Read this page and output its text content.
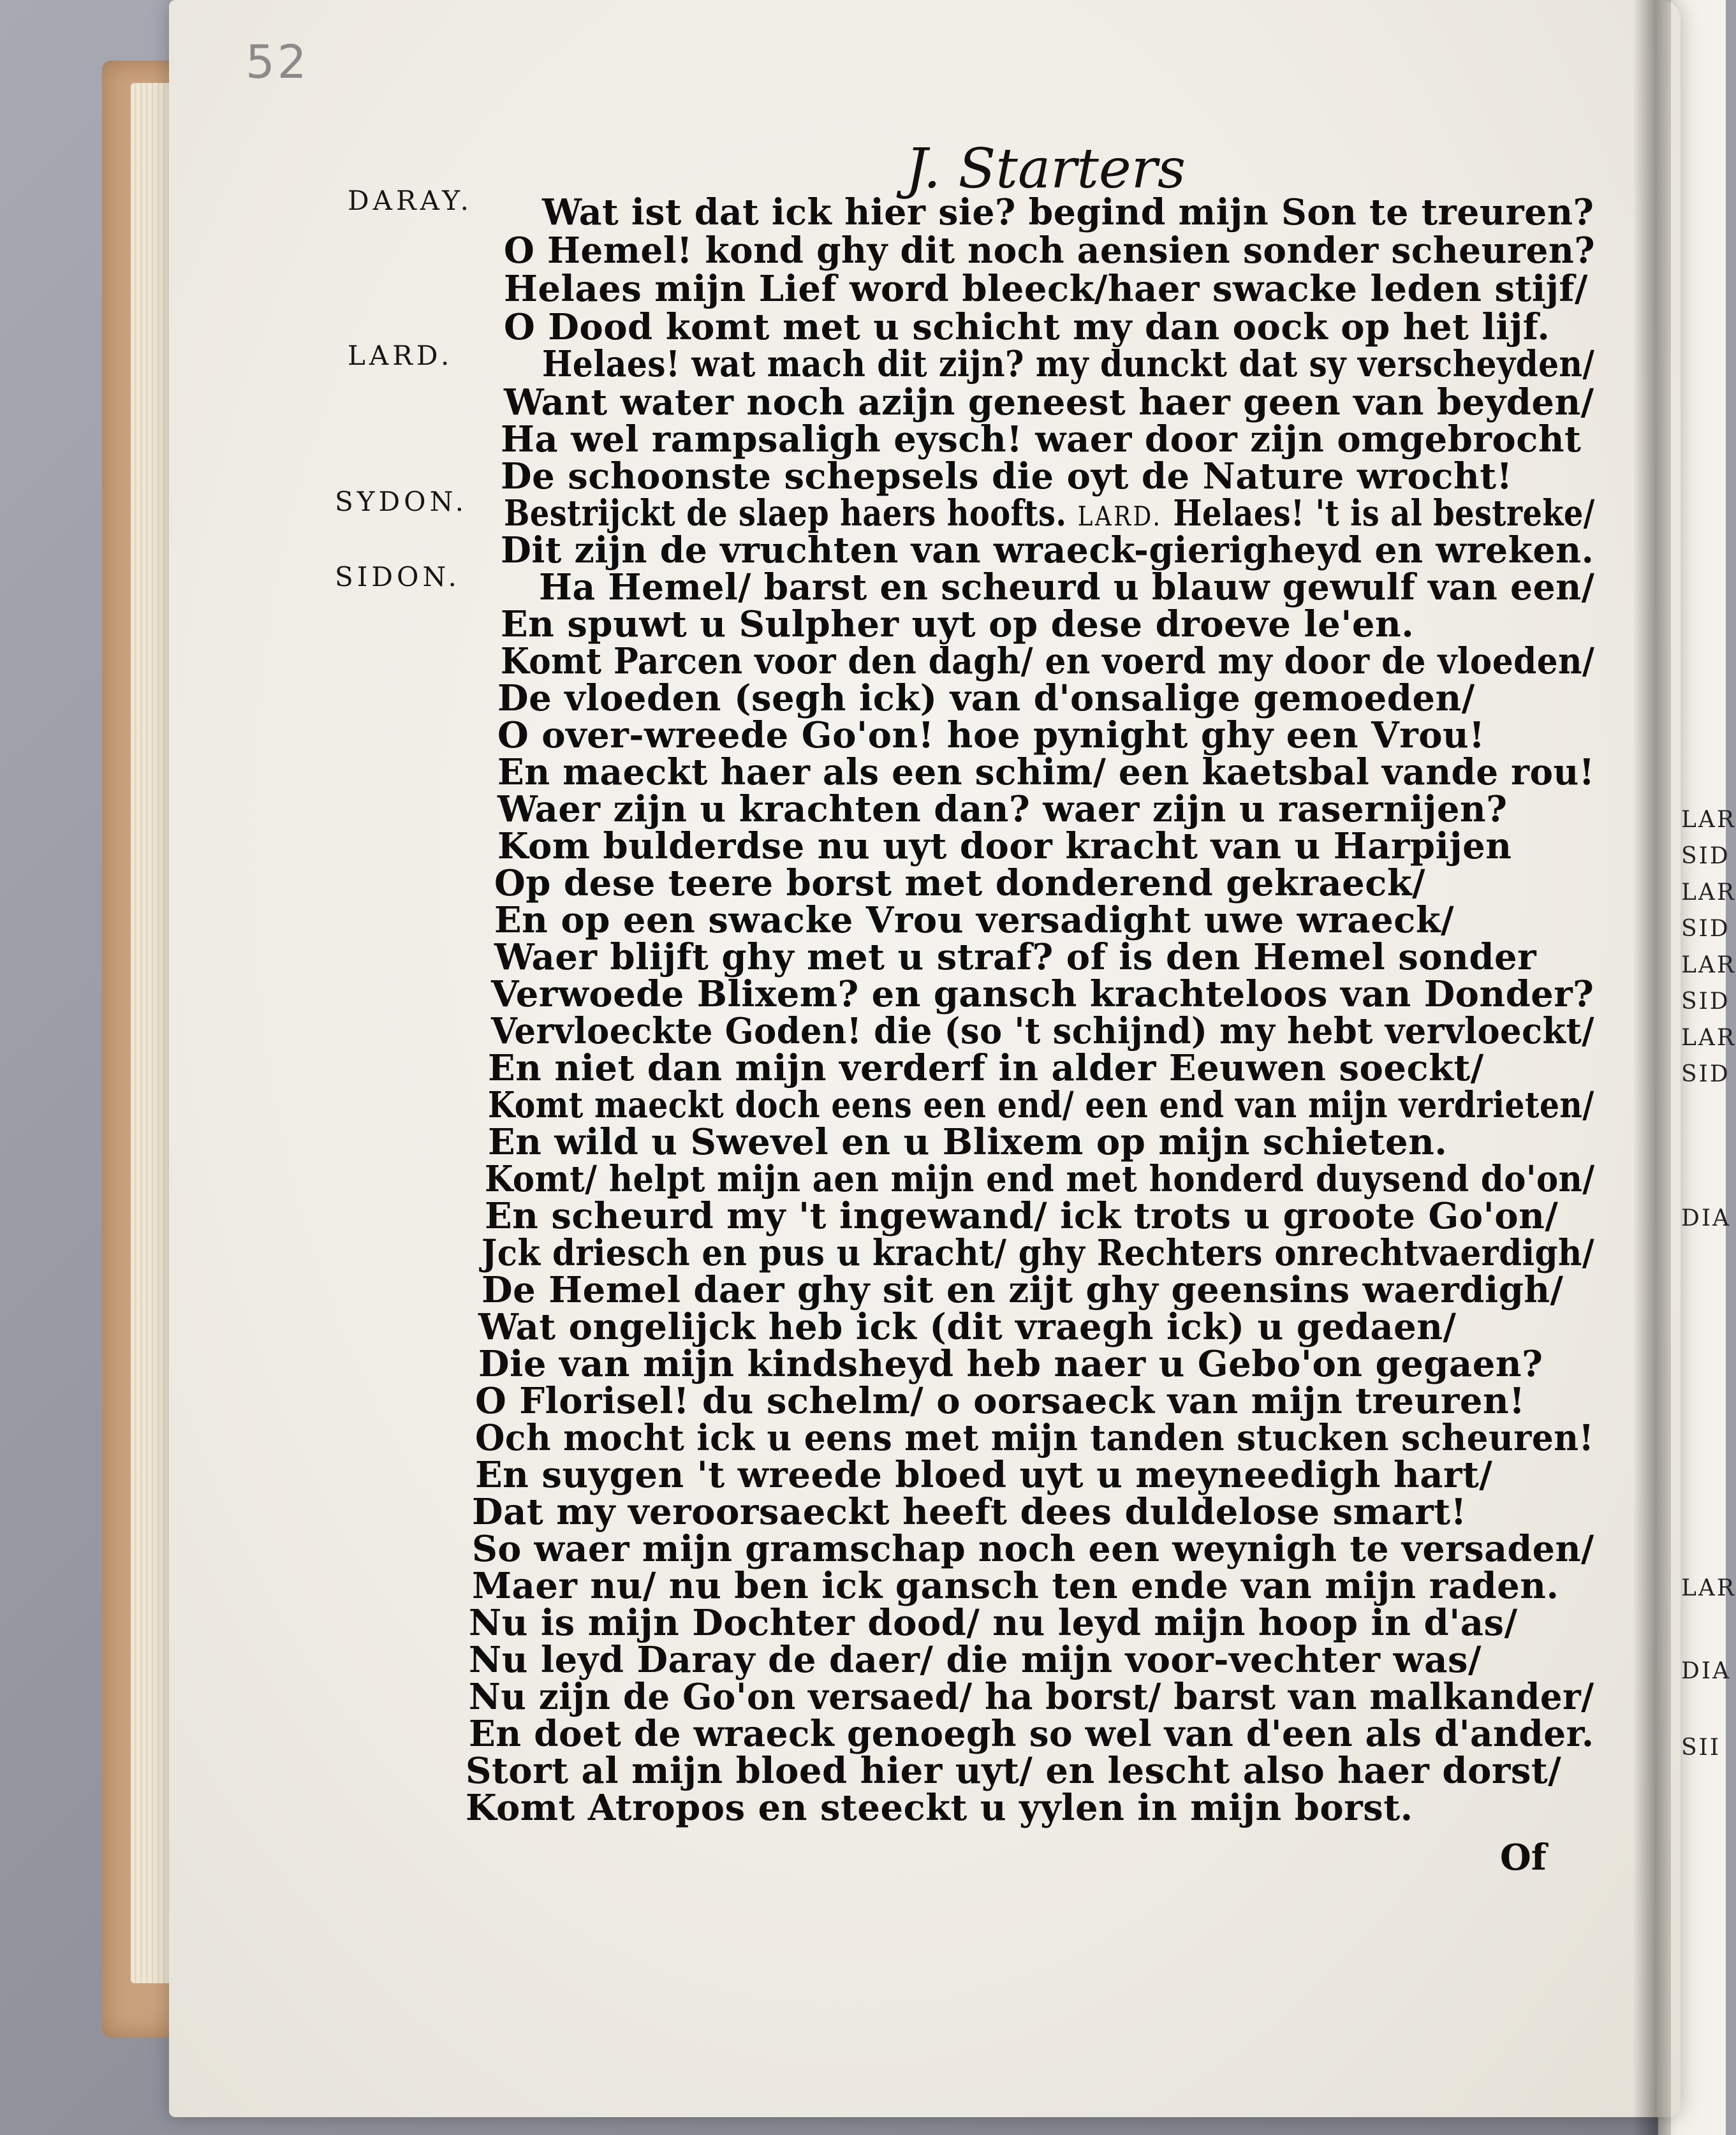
52
J. Starters
DARAY.
LARD.
SYDON.
SIDON.
Wat ist dat ick hier sie? begind mijn Son te treuren?
O Hemel! kond ghy dit noch aensien sonder scheuren?
Helaes mijn Lief word bleeck/haer swacke leden stijf/
O Dood komt met u schicht my dan oock op het lijf.
Helaes! wat mach dit zijn? my dunckt dat sy verscheyden/
Want water noch azijn geneest haer geen van beyden/
Ha wel rampsaligh eysch! waer door zijn omgebrocht
De schoonste schepsels die oyt de Nature wrocht!
Bestrijckt de slaep haers hoofts. LARD. Helaes! 't is al bestreke/
Dit zijn de vruchten van wraeck-gierigheyd en wreken.
Ha Hemel/ barst en scheurd u blauw gewulf van een/
En spuwt u Sulpher uyt op dese droeve le'en.
Komt Parcen voor den dagh/ en voerd my door de vloeden/
De vloeden (segh ick) van d'onsalige gemoeden/
O over-wreede Go'on! hoe pynight ghy een Vrou!
En maeckt haer als een schim/ een kaetsbal vande rou!
Waer zijn u krachten dan? waer zijn u rasernijen?
Kom bulderdse nu uyt door kracht van u Harpijen
Op dese teere borst met donderend gekraeck/
En op een swacke Vrou versadight uwe wraeck/
Waer blijft ghy met u straf? of is den Hemel sonder
Verwoede Blixem? en gansch krachteloos van Donder?
Vervloeckte Goden! die (so 't schijnd) my hebt vervloeckt/
En niet dan mijn verderf in alder Eeuwen soeckt/
Komt maeckt doch eens een end/ een end van mijn verdrieten/
En wild u Swevel en u Blixem op mijn schieten.
Komt/ helpt mijn aen mijn end met honderd duysend do'on/
En scheurd my 't ingewand/ ick trots u groote Go'on/
Jck driesch en pus u kracht/ ghy Rechters onrechtvaerdigh/
De Hemel daer ghy sit en zijt ghy geensins waerdigh/
Wat ongelijck heb ick (dit vraegh ick) u gedaen/
Die van mijn kindsheyd heb naer u Gebo'on gegaen?
O Florisel! du schelm/ o oorsaeck van mijn treuren!
Och mocht ick u eens met mijn tanden stucken scheuren!
En suygen 't wreede bloed uyt u meyneedigh hart/
Dat my veroorsaeckt heeft dees duldelose smart!
So waer mijn gramschap noch een weynigh te versaden/
Maer nu/ nu ben ick gansch ten ende van mijn raden.
Nu is mijn Dochter dood/ nu leyd mijn hoop in d'as/
Nu leyd Daray de daer/ die mijn voor-vechter was/
Nu zijn de Go'on versaed/ ha borst/ barst van malkander/
En doet de wraeck genoegh so wel van d'een als d'ander.
Stort al mijn bloed hier uyt/ en lescht also haer dorst/
Komt Atropos en steeckt u yylen in mijn borst.
Of
LAR
SID
LAR
SID
LAR
SID
LAR
SID
DIA
LAR
DIA
SII
